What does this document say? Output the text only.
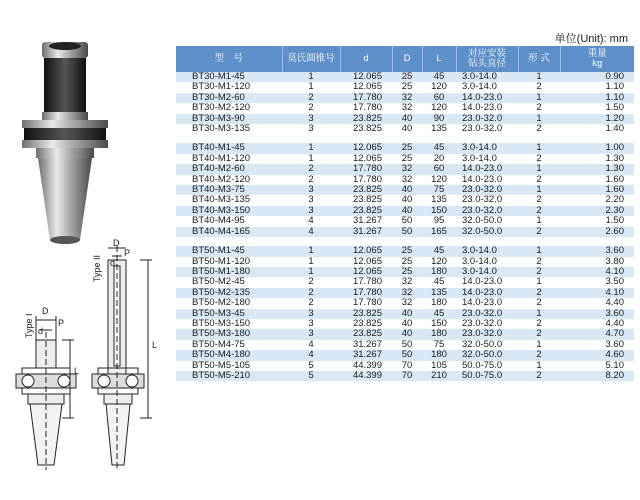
单位(Unit): mm
Type I
Type II
D
d
P
L
D
d
P
L
型　号	莫氏圆锥号	d	D	L	对应安装
钻头直径	形 式	重量
kg
BT30-M1-45	1	12.065	25	45	3.0-14.0	1	0.90
BT30-M1-120	1	12.065	25	120	3.0-14.0	2	1.10
BT30-M2-60	2	17.780	32	60	14.0-23.0	1	1.10
BT30-M2-120	2	17.780	32	120	14.0-23.0	2	1.50
BT30-M3-90	3	23.825	40	90	23.0-32.0	1	1.20
BT30-M3-135	3	23.825	40	135	23.0-32.0	2	1.40

BT40-M1-45	1	12.065	25	45	3.0-14.0	1	1.00
BT40-M1-120	1	12.065	25	20	3.0-14.0	2	1.30
BT40-M2-60	2	17.780	32	60	14.0-23.0	1	1.30
BT40-M2-120	2	17.780	32	120	14.0-23.0	2	1.60
BT40-M3-75	3	23.825	40	75	23.0-32.0	1	1.60
BT40-M3-135	3	23.825	40	135	23.0-32.0	2	2.20
BT40-M3-150	3	23.825	40	150	23.0-32.0	2	2.30
BT40-M4-95	4	31.267	50	95	32.0-50.0	1	1.50
BT40-M4-165	4	31.267	50	165	32.0-50.0	2	2.60

BT50-M1-45	1	12.065	25	45	3.0-14.0	1	3.60
BT50-M1-120	1	12.065	25	120	3.0-14.0	2	3.80
BT50-M1-180	1	12.065	25	180	3.0-14.0	2	4.10
BT50-M2-45	2	17.780	32	45	14.0-23.0	1	3.50
BT50-M2-135	2	17.780	32	135	14.0-23.0	2	4.10
BT50-M2-180	2	17.780	32	180	14.0-23.0	2	4.40
BT50-M3-45	3	23.825	40	45	23.0-32.0	1	3.60
BT50-M3-150	3	23.825	40	150	23.0-32.0	2	4.40
BT50-M3-180	3	23.825	40	180	23.0-32.0	2	4.70
BT50-M4-75	4	31.267	50	75	32.0-50.0	1	3.60
BT50-M4-180	4	31.267	50	180	32.0-50.0	2	4.60
BT50-M5-105	5	44.399	70	105	50.0-75.0	1	5.10
BT50-M5-210	5	44.399	70	210	50.0-75.0	2	8.20
